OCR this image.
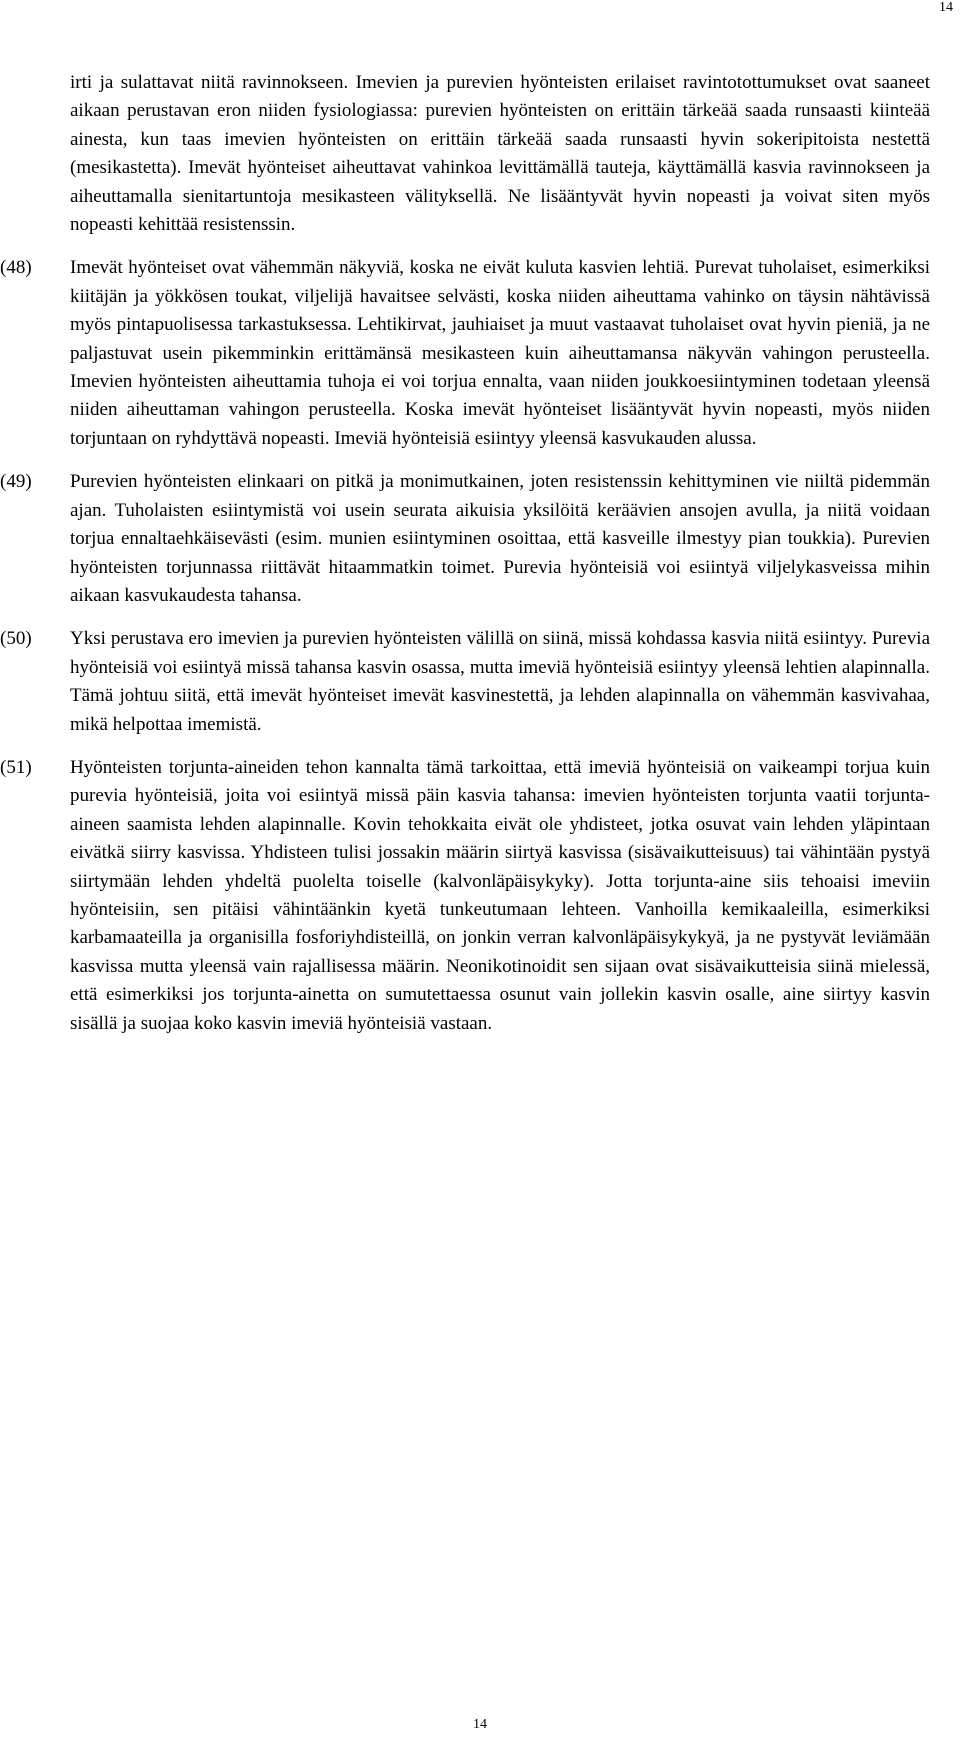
14
irti ja sulattavat niitä ravinnokseen. Imevien ja purevien hyönteisten erilaiset ravintotottumukset ovat saaneet aikaan perustavan eron niiden fysiologiassa: purevien hyönteisten on erittäin tärkeää saada runsaasti kiinteää ainesta, kun taas imevien hyönteisten on erittäin tärkeää saada runsaasti hyvin sokeripitoista nestettä (mesikastetta). Imevät hyönteiset aiheuttavat vahinkoa levittämällä tauteja, käyttämällä kasvia ravinnokseen ja aiheuttamalla sienitartuntoja mesikasteen välityksellä. Ne lisääntyvät hyvin nopeasti ja voivat siten myös nopeasti kehittää resistenssin.
(48) Imevät hyönteiset ovat vähemmän näkyviä, koska ne eivät kuluta kasvien lehtiä. Purevat tuholaiset, esimerkiksi kiitäjän ja yökkösen toukat, viljelijä havaitsee selvästi, koska niiden aiheuttama vahinko on täysin nähtävissä myös pintapuolisessa tarkastuksessa. Lehtikirvat, jauhiaiset ja muut vastaavat tuholaiset ovat hyvin pieniä, ja ne paljastuvat usein pikemminkin erittämänsä mesikasteen kuin aiheuttamansa näkyvän vahingon perusteella. Imevien hyönteisten aiheuttamia tuhoja ei voi torjua ennalta, vaan niiden joukkoesiintyminen todetaan yleensä niiden aiheuttaman vahingon perusteella. Koska imevät hyönteiset lisääntyvät hyvin nopeasti, myös niiden torjuntaan on ryhdyttävä nopeasti. Imeviä hyönteisiä esiintyy yleensä kasvukauden alussa.
(49) Purevien hyönteisten elinkaari on pitkä ja monimutkainen, joten resistenssin kehittyminen vie niiltä pidemmän ajan. Tuholaisten esiintymistä voi usein seurata aikuisia yksilöitä keräävien ansojen avulla, ja niitä voidaan torjua ennaltaehkäisevästi (esim. munien esiintyminen osoittaa, että kasveille ilmestyy pian toukkia). Purevien hyönteisten torjunnassa riittävät hitaammatkin toimet. Purevia hyönteisiä voi esiintyä viljelykasveissa mihin aikaan kasvukaudesta tahansa.
(50) Yksi perustava ero imevien ja purevien hyönteisten välillä on siinä, missä kohdassa kasvia niitä esiintyy. Purevia hyönteisiä voi esiintyä missä tahansa kasvin osassa, mutta imeviä hyönteisiä esiintyy yleensä lehtien alapinnalla. Tämä johtuu siitä, että imevät hyönteiset imevät kasvinestettä, ja lehden alapinnalla on vähemmän kasvivahaa, mikä helpottaa imemistä.
(51) Hyönteisten torjunta-aineiden tehon kannalta tämä tarkoittaa, että imeviä hyönteisiä on vaikeampi torjua kuin purevia hyönteisiä, joita voi esiintyä missä päin kasvia tahansa: imevien hyönteisten torjunta vaatii torjunta-aineen saamista lehden alapinnalle. Kovin tehokkaita eivät ole yhdisteet, jotka osuvat vain lehden yläpintaan eivätkä siirry kasvissa. Yhdisteen tulisi jossakin määrin siirtyä kasvissa (sisävaikutteisuus) tai vähintään pystyä siirtymään lehden yhdeltä puolelta toiselle (kalvonläpäisykyky). Jotta torjunta-aine siis tehoaisi imeviin hyönteisiin, sen pitäisi vähintäänkin kyetä tunkeutumaan lehteen. Vanhoilla kemikaaleilla, esimerkiksi karbamaateilla ja organisilla fosforiyhdisteillä, on jonkin verran kalvonläpäisykykyä, ja ne pystyvät leviämään kasvissa mutta yleensä vain rajallisessa määrin. Neonikotinoidit sen sijaan ovat sisävaikutteisia siinä mielessä, että esimerkiksi jos torjunta-ainetta on sumutettaessa osunut vain jollekin kasvin osalle, aine siirtyy kasvin sisällä ja suojaa koko kasvin imeviä hyönteisiä vastaan.
14
